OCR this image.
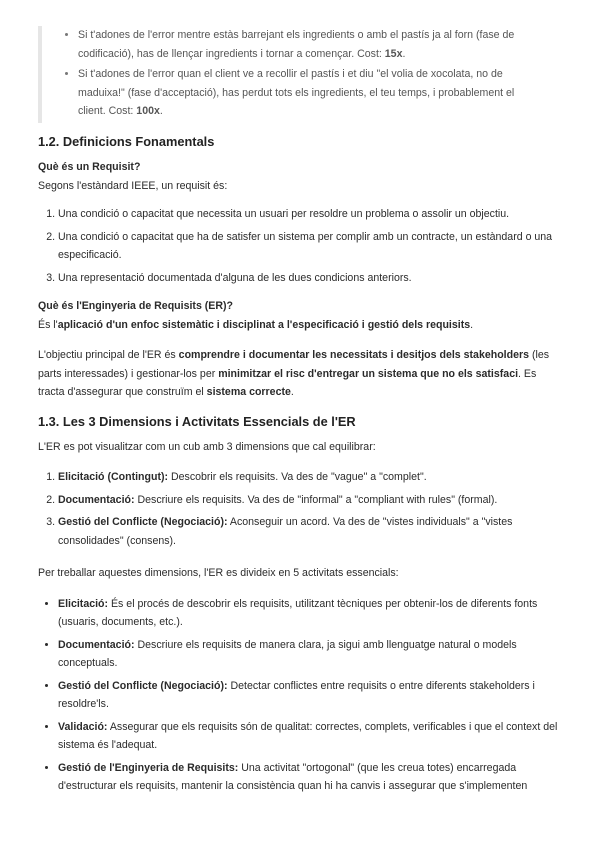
• Si t'adones de l'error mentre estàs barrejant els ingredients o amb el pastís ja al forn (fase de codificació), has de llençar ingredients i tornar a començar. Cost: 15x.
• Si t'adones de l'error quan el client ve a recollir el pastís i et diu "el volia de xocolata, no de maduixa!" (fase d'acceptació), has perdut tots els ingredients, el teu temps, i probablement el client. Cost: 100x.
1.2. Definicions Fonamentals

Què és un Requisit?

Segons l'estàndard IEEE, un requisit és:

1. Una condició o capacitat que necessita un usuari per resoldre un problema o assolir un objectiu.
2. Una condició o capacitat que ha de satisfer un sistema per complir amb un contracte, un estàndard o una especificació.
3. Una representació documentada d'alguna de les dues condicions anteriors.

Què és l'Enginyeria de Requisits (ER)?

És l'aplicació d'un enfoc sistemàtic i disciplinat a l'especificació i gestió dels requisits.

L'objectiu principal de l'ER és comprendre i documentar les necessitats i desitjos dels stakeholders (les parts interessades) i gestionar-los per minimitzar el risc d'entregar un sistema que no els satisfaci. Es tracta d'assegurar que construïm el sistema correcte.

1.3. Les 3 Dimensions i Activitats Essencials de l'ER

L'ER es pot visualitzar com un cub amb 3 dimensions que cal equilibrar:

1. Elicitació (Contingut): Descobrir els requisits. Va des de "vague" a "complet".
2. Documentació: Descriure els requisits. Va des de "informal" a "compliant with rules" (formal).
3. Gestió del Conflicte (Negociació): Aconseguir un acord. Va des de "vistes individuals" a "vistes consolidades" (consens).

Per treballar aquestes dimensions, l'ER es divideix en 5 activitats essencials:

• Elicitació: És el procés de descobrir els requisits, utilitzant tècniques per obtenir-los de diferents fonts (usuaris, documents, etc.).
• Documentació: Descriure els requisits de manera clara, ja sigui amb llenguatge natural o models conceptuals.
• Gestió del Conflicte (Negociació): Detectar conflictes entre requisits o entre diferents stakeholders i resoldre'ls.
• Validació: Assegurar que els requisits són de qualitat: correctes, complets, verificables i que el context del sistema és l'adequat.
• Gestió de l'Enginyeria de Requisits: Una activitat "ortogonal" (que les creua totes) encarregada d'estructurar els requisits, mantenir la consistència quan hi ha canvis i assegurar que s'implementen
